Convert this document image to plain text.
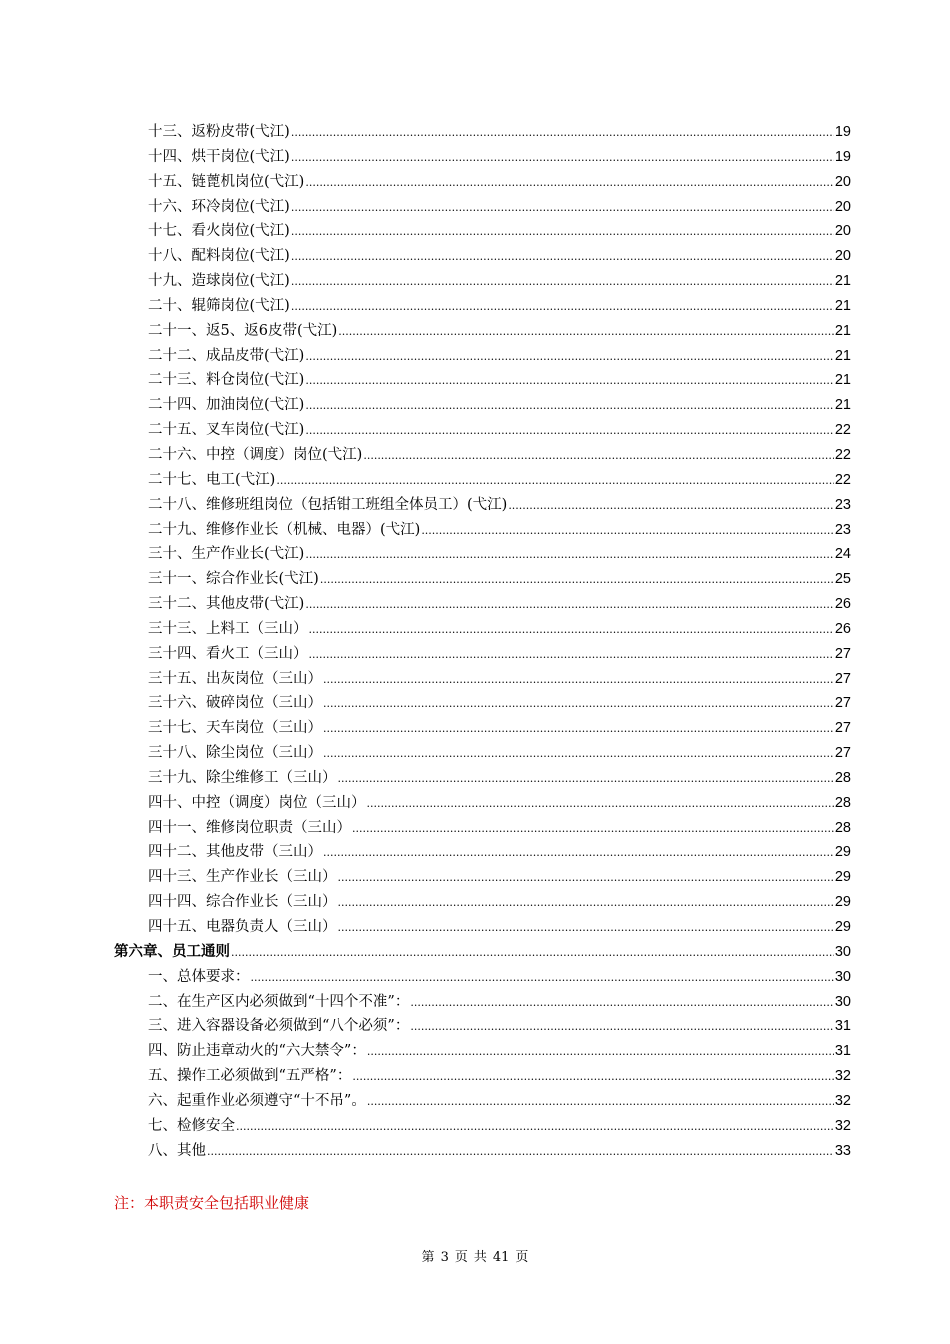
十三、返粉皮带(弋江) .....	19
十四、烘干岗位(弋江) .....	19
十五、链蓖机岗位(弋江) .....	20
十六、环冷岗位(弋江) .....	20
十七、看火岗位(弋江) .....	20
十八、配料岗位(弋江) .....	20
十九、造球岗位(弋江) .....	21
二十、辊筛岗位(弋江) .....	21
二十一、返5、返6皮带(弋江) .....	21
二十二、成品皮带(弋江) .....	21
二十三、料仓岗位(弋江) .....	21
二十四、加油岗位(弋江) .....	21
二十五、叉车岗位(弋江) .....	22
二十六、中控（调度）岗位(弋江) .....	22
二十七、电工(弋江) .....	22
二十八、维修班组岗位（包括钳工班组全体员工）(弋江) .....	23
二十九、维修作业长（机械、电器）(弋江) .....	23
三十、生产作业长(弋江) .....	24
三十一、综合作业长(弋江) .....	25
三十二、其他皮带(弋江) .....	26
三十三、上料工（三山） .....	26
三十四、看火工（三山） .....	27
三十五、出灰岗位（三山） .....	27
三十六、破碎岗位（三山） .....	27
三十七、天车岗位（三山） .....	27
三十八、除尘岗位（三山） .....	27
三十九、除尘维修工（三山） .....	28
四十、中控（调度）岗位（三山） .....	28
四十一、维修岗位职责（三山） .....	28
四十二、其他皮带（三山） .....	29
四十三、生产作业长（三山） .....	29
四十四、综合作业长（三山） .....	29
四十五、电器负责人（三山） .....	29
第六章、员工通则 .....	30
一、总体要求： .....	30
二、在生产区内必须做到“十四个不准”： .....	30
三、进入容器设备必须做到“八个必须”： .....	31
四、防止违章动火的“六大禁令”： .....	31
五、操作工必须做到“五严格”： .....	32
六、起重作业必须遵守“十不吊”。 .....	32
七、检修安全 .....	32
八、其他 .....	33
注：本职责安全包括职业健康
第 3 页 共 41 页
